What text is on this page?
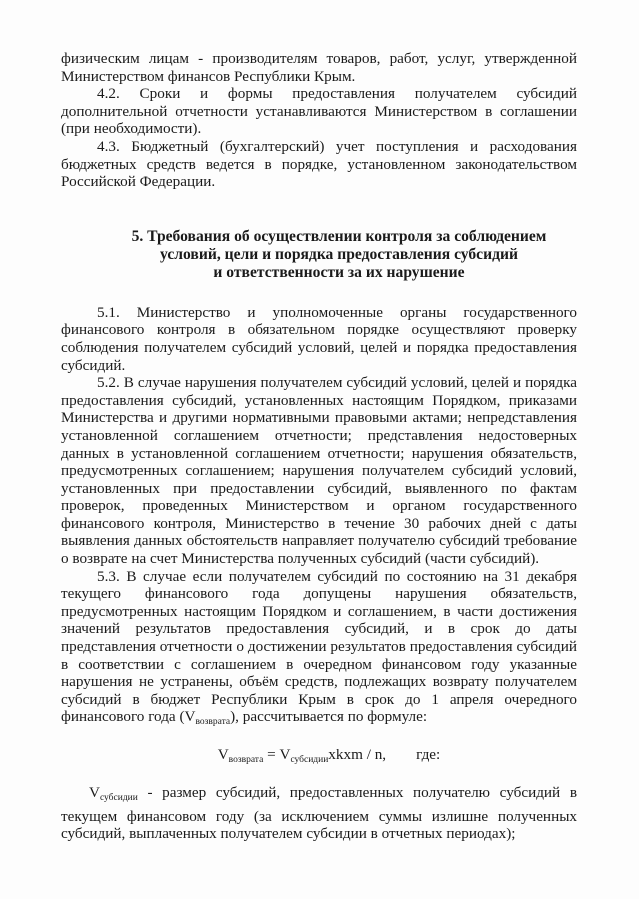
физическим лицам - производителям товаров, работ, услуг, утвержденной Министерством финансов Республики Крым.

4.2. Сроки и формы предоставления получателем субсидий дополнительной отчетности устанавливаются Министерством в соглашении (при необходимости).

4.3. Бюджетный (бухгалтерский) учет поступления и расходования бюджетных средств ведется в порядке, установленном законодательством Российской Федерации.

5. Требования об осуществлении контроля за соблюдением
условий, цели и порядка предоставления субсидий
и ответственности за их нарушение

5.1. Министерство и уполномоченные органы государственного финансового контроля в обязательном порядке осуществляют проверку соблюдения получателем субсидий условий, целей и порядка предоставления субсидий.

5.2. В случае нарушения получателем субсидий условий, целей и порядка предоставления субсидий, установленных настоящим Порядком, приказами Министерства и другими нормативными правовыми актами; непредставления установленной соглашением отчетности; представления недостоверных данных в установленной соглашением отчетности; нарушения обязательств, предусмотренных соглашением; нарушения получателем субсидий условий, установленных при предоставлении субсидий, выявленного по фактам проверок, проведенных Министерством и органом государственного финансового контроля, Министерство в течение 30 рабочих дней с даты выявления данных обстоятельств направляет получателю субсидий требование о возврате на счет Министерства полученных субсидий (части субсидий).

5.3. В случае если получателем субсидий по состоянию на 31 декабря текущего финансового года допущены нарушения обязательств, предусмотренных настоящим Порядком и соглашением, в части достижения значений результатов предоставления субсидий, и в срок до даты представления отчетности о достижении результатов предоставления субсидий в соответствии с соглашением в очередном финансовом году указанные нарушения не устранены, объём средств, подлежащих возврату получателем субсидий в бюджет Республики Крым в срок до 1 апреля очередного финансового года (Vвозврата), рассчитывается по формуле:

$V_{возврата}$ = $V_{субсидии}xkxm$ / n, где:

Vсубсидии - размер субсидий, предоставленных получателю субсидий в текущем финансовом году (за исключением суммы излишне полученных субсидий, выплаченных получателем субсидии в отчетных периодах);
